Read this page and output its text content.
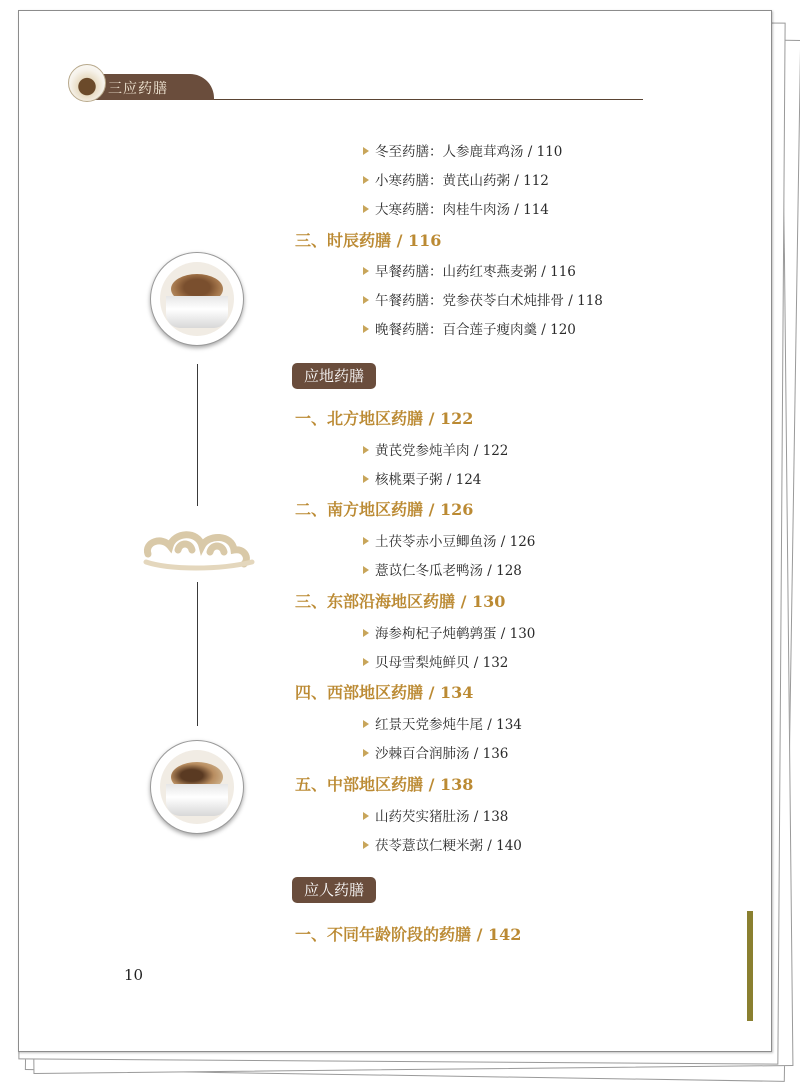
三应药膳
冬至药膳：人参鹿茸鸡汤 / 110
小寒药膳：黄芪山药粥 / 112
大寒药膳：肉桂牛肉汤 / 114
三、时辰药膳 / 116
早餐药膳：山药红枣燕麦粥 / 116
午餐药膳：党参茯苓白术炖排骨 / 118
晚餐药膳：百合莲子瘦肉羹 / 120
应地药膳
一、北方地区药膳 / 122
黄芪党参炖羊肉 / 122
核桃栗子粥 / 124
二、南方地区药膳 / 126
土茯苓赤小豆鲫鱼汤 / 126
薏苡仁冬瓜老鸭汤 / 128
三、东部沿海地区药膳 / 130
海参枸杞子炖鹌鹑蛋 / 130
贝母雪梨炖鲜贝 / 132
四、西部地区药膳 / 134
红景天党参炖牛尾 / 134
沙棘百合润肺汤 / 136
五、中部地区药膳 / 138
山药芡实猪肚汤 / 138
茯苓薏苡仁粳米粥 / 140
应人药膳
一、不同年龄阶段的药膳 / 142
10
